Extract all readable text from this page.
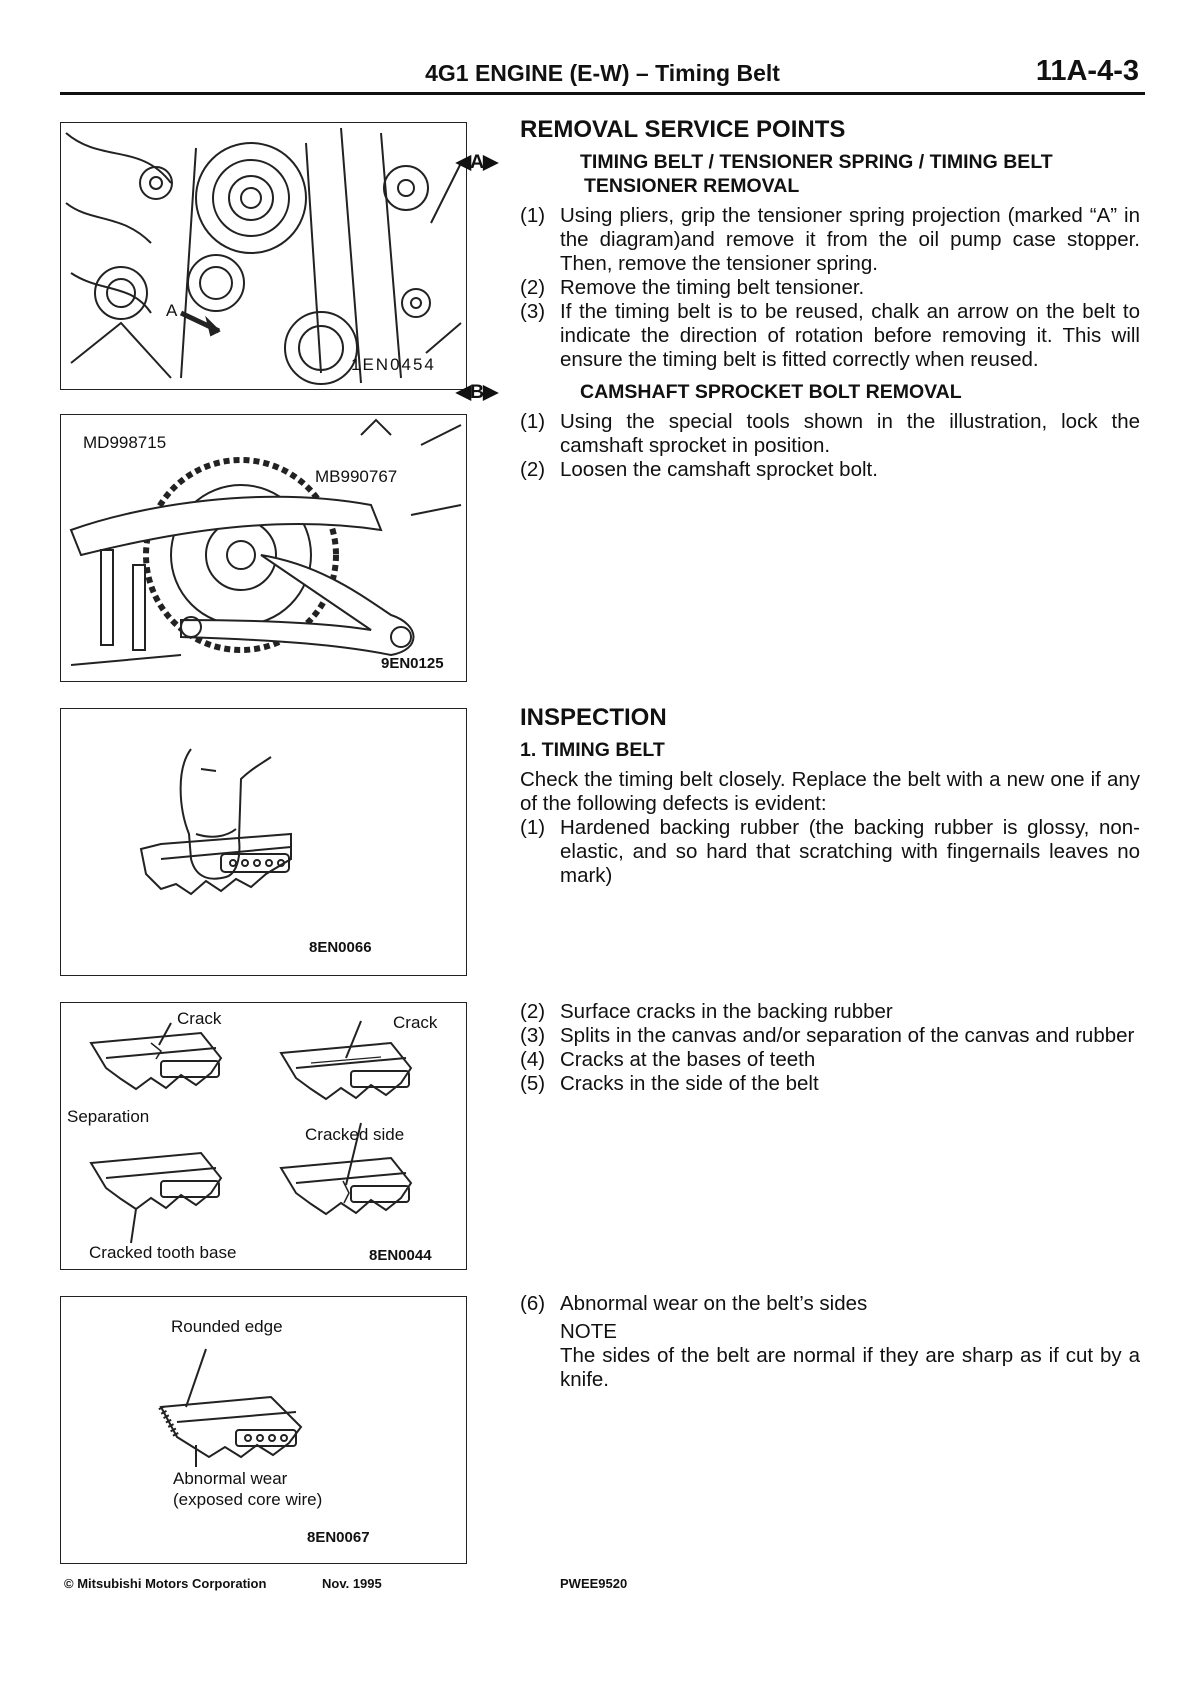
4G1 ENGINE (E-W) – Timing Belt	11A-4-3
A
1EN0454
MD998715
MB990767
9EN0125
8EN0066
Crack	Crack
Separation
Cracked side
Cracked tooth base	8EN0044
Rounded edge
Abnormal wear
(exposed core wire)
8EN0067
REMOVAL SERVICE POINTS
◀A▶	TIMING BELT / TENSIONER SPRING / TIMING BELT TENSIONER REMOVAL
(1) Using pliers, grip the tensioner spring projection (marked “A” in the diagram)and remove it from the oil pump case stopper. Then, remove the tensioner spring.
(2) Remove the timing belt tensioner.
(3) If the timing belt is to be reused, chalk an arrow on the belt to indicate the direction of rotation before removing it. This will ensure the timing belt is fitted correctly when reused.
◀B▶	CAMSHAFT SPROCKET BOLT REMOVAL
(1) Using the special tools shown in the illustration, lock the camshaft sprocket in position.
(2) Loosen the camshaft sprocket bolt.
INSPECTION
1. TIMING BELT

Check the timing belt closely. Replace the belt with a new one if any of the following defects is evident:

(1) Hardened backing rubber (the backing rubber is glossy, non-elastic, and so hard that scratching with fingernails leaves no mark)
(2) Surface cracks in the backing rubber
(3) Splits in the canvas and/or separation of the canvas and rubber
(4) Cracks at the bases of teeth
(5) Cracks in the side of the belt
(6) Abnormal wear on the belt’s sides
NOTE

The sides of the belt are normal if they are sharp as if cut by a knife.

© Mitsubishi Motors Corporation	Nov. 1995	PWEE9520
